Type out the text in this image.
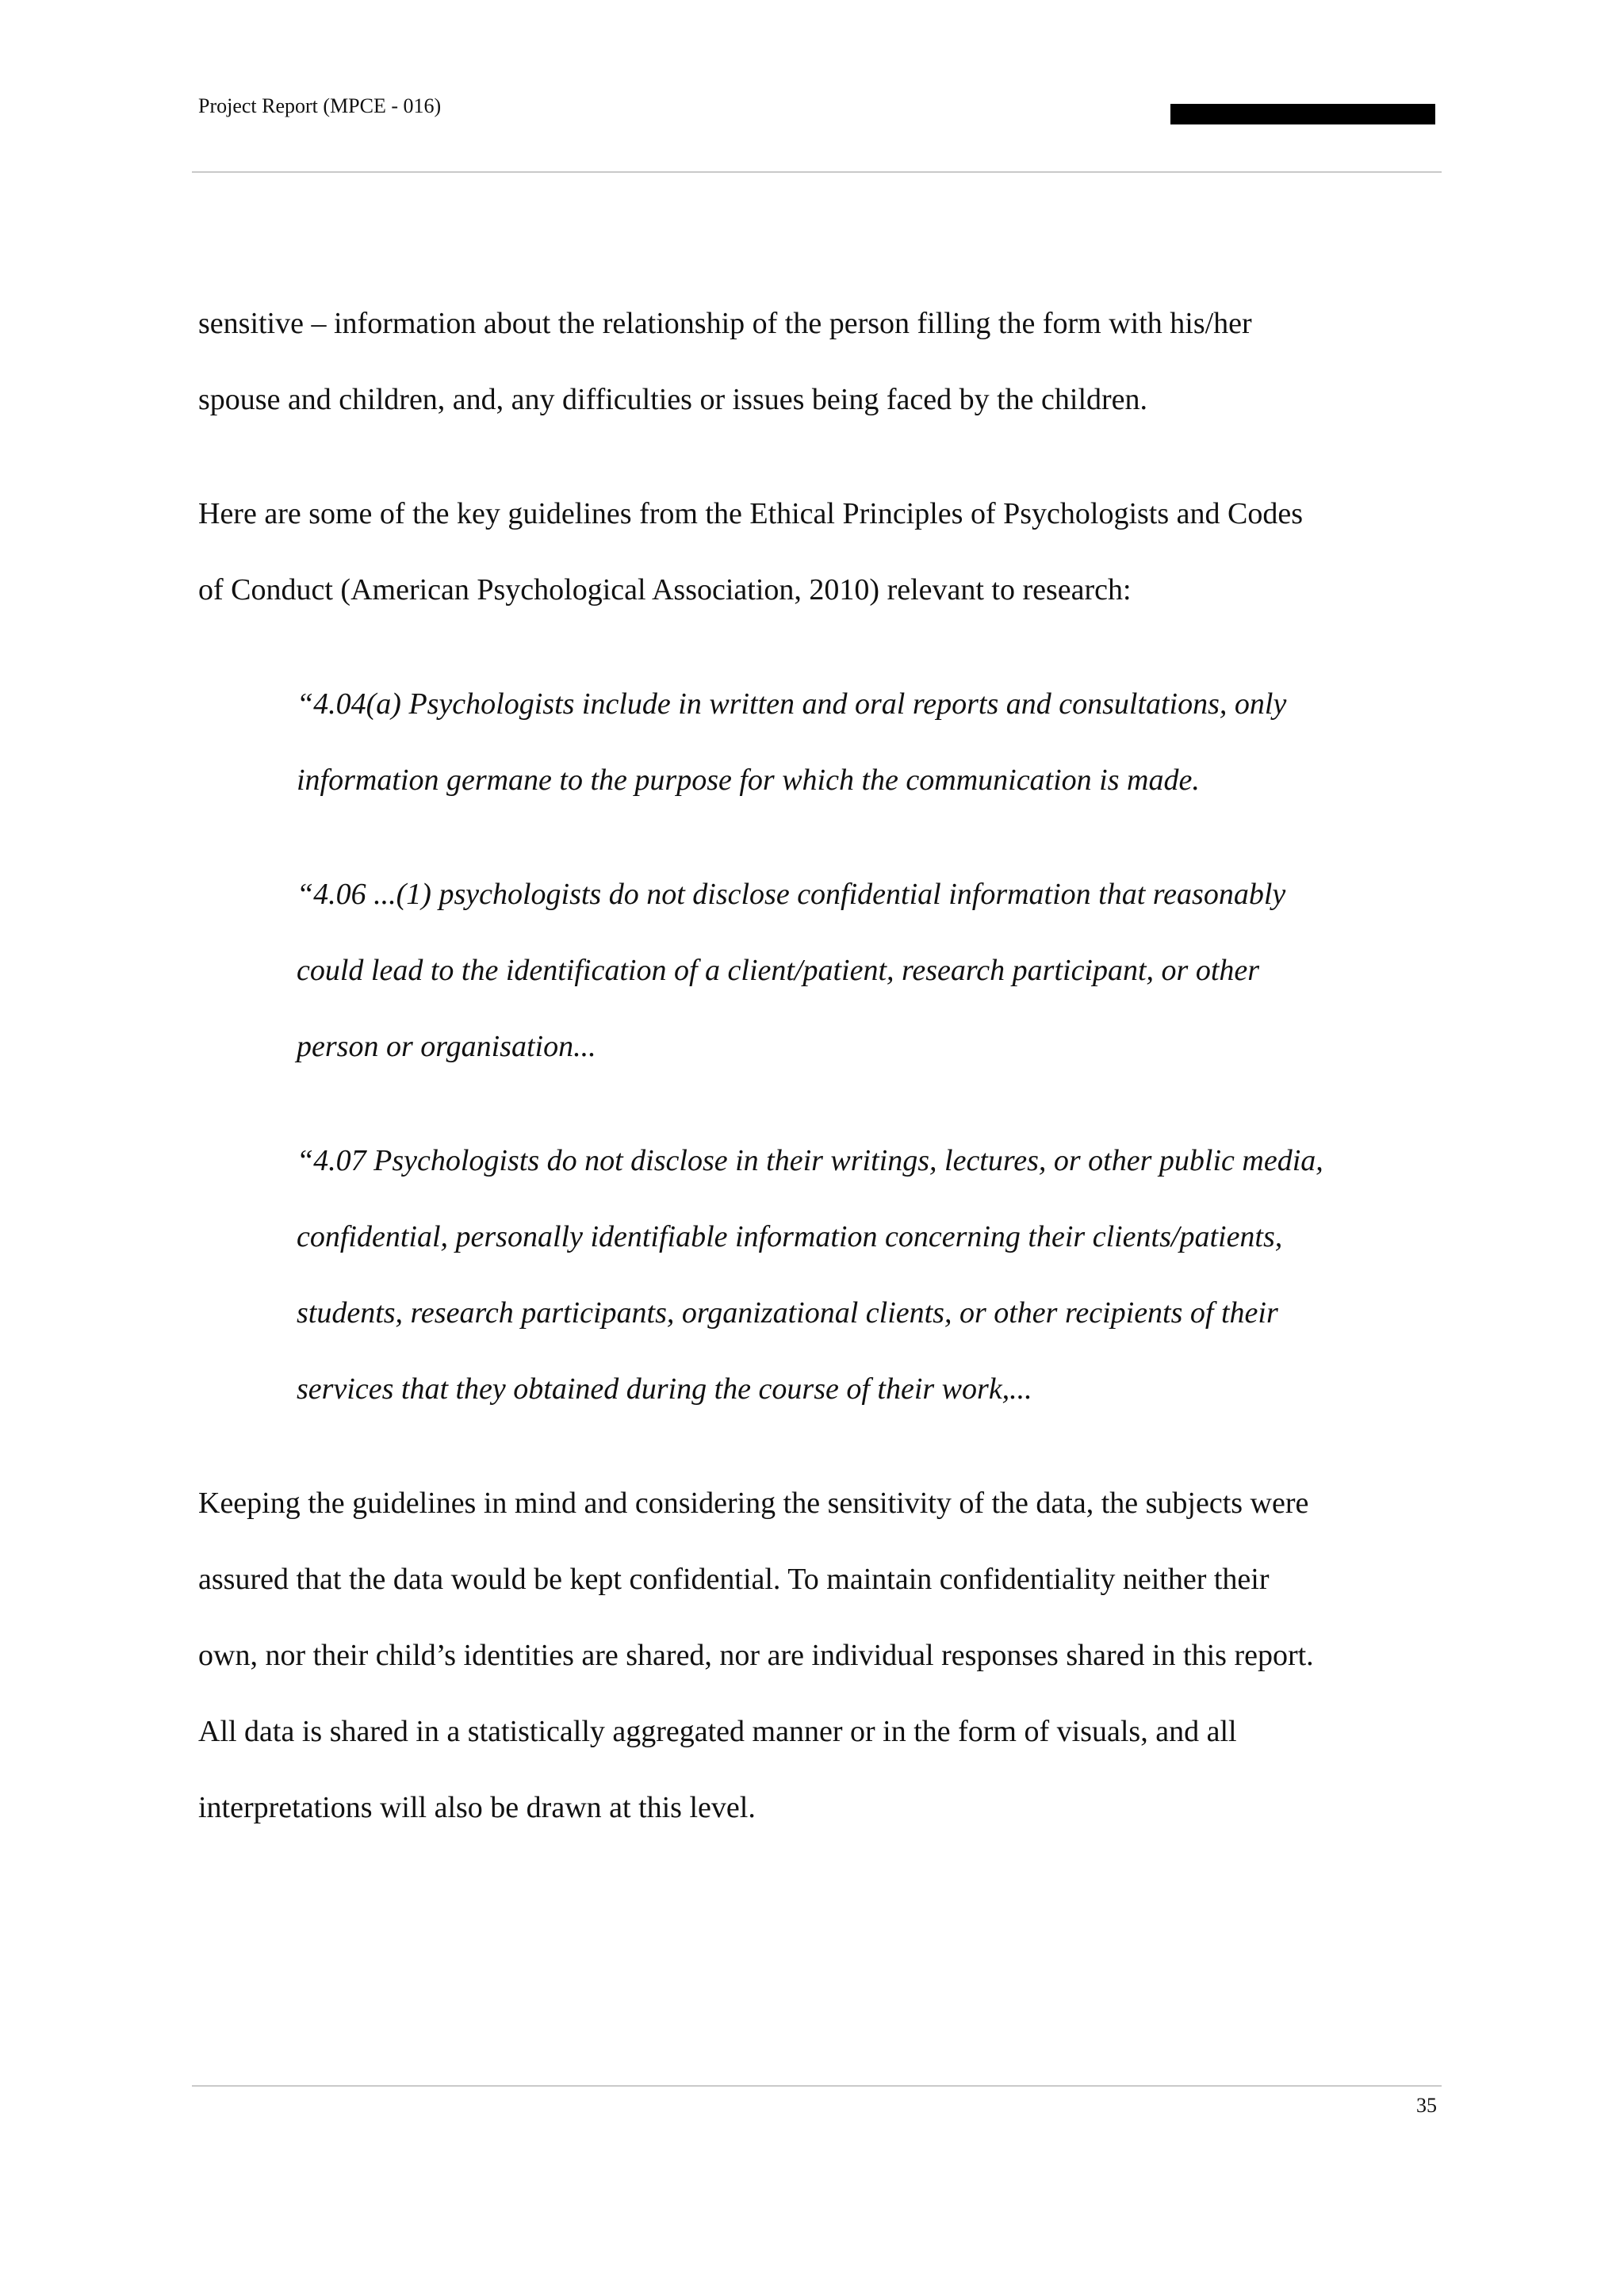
Project Report (MPCE - 016)

sensitive – information about the relationship of the person filling the form with his/her
spouse and children, and, any difficulties or issues being faced by the children.

Here are some of the key guidelines from the Ethical Principles of Psychologists and Codes
of Conduct (American Psychological Association, 2010) relevant to research:

“4.04(a) Psychologists include in written and oral reports and consultations, only
information germane to the purpose for which the communication is made.

“4.06 ...(1) psychologists do not disclose confidential information that reasonably
could lead to the identification of a client/patient, research participant, or other
person or organisation...

“4.07 Psychologists do not disclose in their writings, lectures, or other public media,
confidential, personally identifiable information concerning their clients/patients,
students, research participants, organizational clients, or other recipients of their
services that they obtained during the course of their work,...

Keeping the guidelines in mind and considering the sensitivity of the data, the subjects were
assured that the data would be kept confidential. To maintain confidentiality neither their
own, nor their child’s identities are shared, nor are individual responses shared in this report.
All data is shared in a statistically aggregated manner or in the form of visuals, and all
interpretations will also be drawn at this level.

35
